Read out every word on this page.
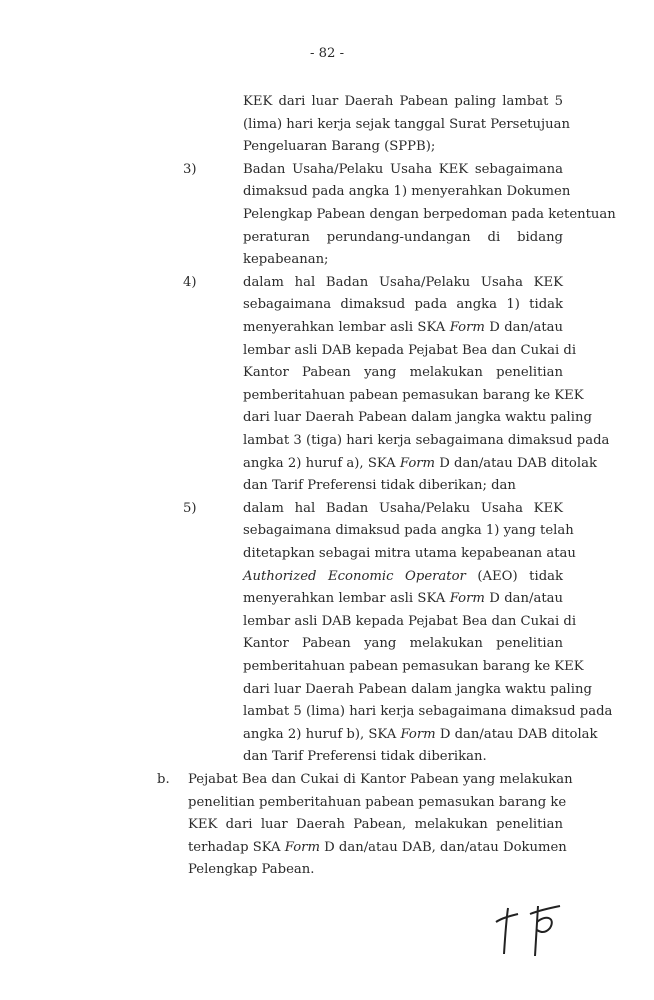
- 82 -
KEK dari luar Daerah Pabean paling lambat 5
(lima) hari kerja sejak tanggal Surat Persetujuan
Pengeluaran Barang (SPPB);
3)	Badan Usaha/Pelaku Usaha KEK sebagaimana
dimaksud pada angka 1) menyerahkan Dokumen
Pelengkap Pabean dengan berpedoman pada ketentuan
peraturan perundang-undangan di bidang
kepabeanan;
4)	dalam hal Badan Usaha/Pelaku Usaha KEK
sebagaimana dimaksud pada angka 1) tidak
menyerahkan lembar asli SKA Form D dan/atau
lembar asli DAB kepada Pejabat Bea dan Cukai di
Kantor Pabean yang melakukan penelitian
pemberitahuan pabean pemasukan barang ke KEK
dari luar Daerah Pabean dalam jangka waktu paling
lambat 3 (tiga) hari kerja sebagaimana dimaksud pada
angka 2) huruf a), SKA Form D dan/atau DAB ditolak
dan Tarif Preferensi tidak diberikan; dan
5)	dalam hal Badan Usaha/Pelaku Usaha KEK
sebagaimana dimaksud pada angka 1) yang telah
ditetapkan sebagai mitra utama kepabeanan atau
Authorized Economic Operator (AEO) tidak
menyerahkan lembar asli SKA Form D dan/atau
lembar asli DAB kepada Pejabat Bea dan Cukai di
Kantor Pabean yang melakukan penelitian
pemberitahuan pabean pemasukan barang ke KEK
dari luar Daerah Pabean dalam jangka waktu paling
lambat 5 (lima) hari kerja sebagaimana dimaksud pada
angka 2) huruf b), SKA Form D dan/atau DAB ditolak
dan Tarif Preferensi tidak diberikan.
b. Pejabat Bea dan Cukai di Kantor Pabean yang melakukan
penelitian pemberitahuan pabean pemasukan barang ke
KEK dari luar Daerah Pabean, melakukan penelitian
terhadap SKA Form D dan/atau DAB, dan/atau Dokumen
Pelengkap Pabean.
